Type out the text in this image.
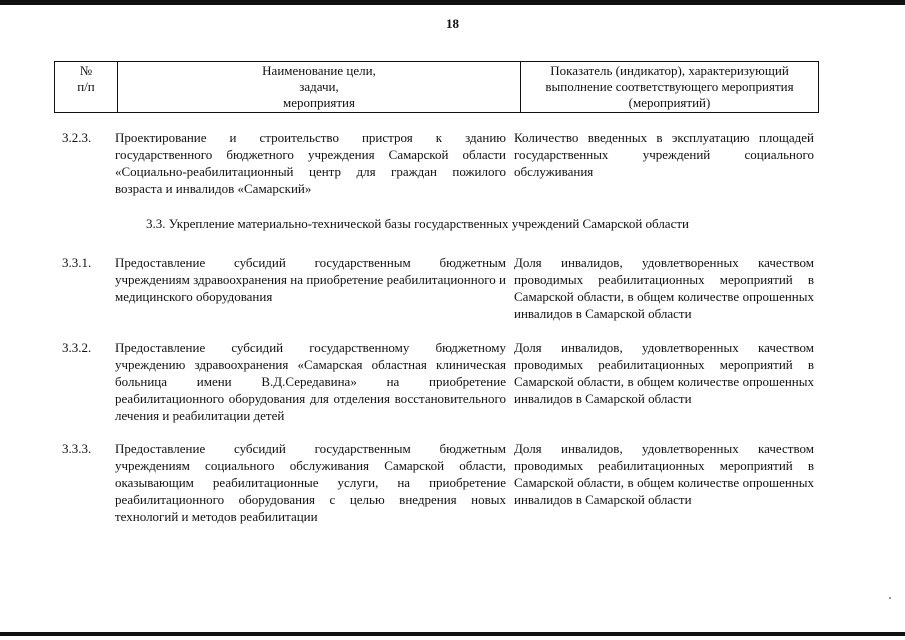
18
№
п/п

Наименование цели,
задачи,
мероприятия

Показатель (индикатор), характеризующий
выполнение соответствующего мероприятия
(мероприятий)
3.2.3.	Проектирование и строительство пристроя к зданию государственного бюджетного учреждения Самарской области «Социально-реабилитационный центр для граждан пожилого возраста и инвалидов «Самарский»
Количество введенных в эксплуатацию площадей государственных учреждений социального обслуживания
3.3. Укрепление материально-технической базы государственных учреждений Самарской области
3.3.1.	Предоставление субсидий государственным бюджетным учреждениям здравоохранения на приобретение реабилитационного и медицинского оборудования
Доля инвалидов, удовлетворенных качеством проводимых реабилитационных мероприятий в Самарской области, в общем количестве опрошенных инвалидов в Самарской области
3.3.2.	Предоставление субсидий государственному бюджетному учреждению здравоохранения «Самарская областная клиническая больница имени В.Д.Середавина» на приобретение реабилитационного оборудования для отделения восстановительного лечения и реабилитации детей
Доля инвалидов, удовлетворенных качеством проводимых реабилитационных мероприятий в Самарской области, в общем количестве опрошенных инвалидов в Самарской области
3.3.3.	Предоставление субсидий государственным бюджетным учреждениям социального обслуживания Самарской области, оказывающим реабилитационные услуги, на приобретение реабилитационного оборудования с целью внедрения новых технологий и методов реабилитации
Доля инвалидов, удовлетворенных качеством проводимых реабилитационных мероприятий в Самарской области, в общем количестве опрошенных инвалидов в Самарской области
